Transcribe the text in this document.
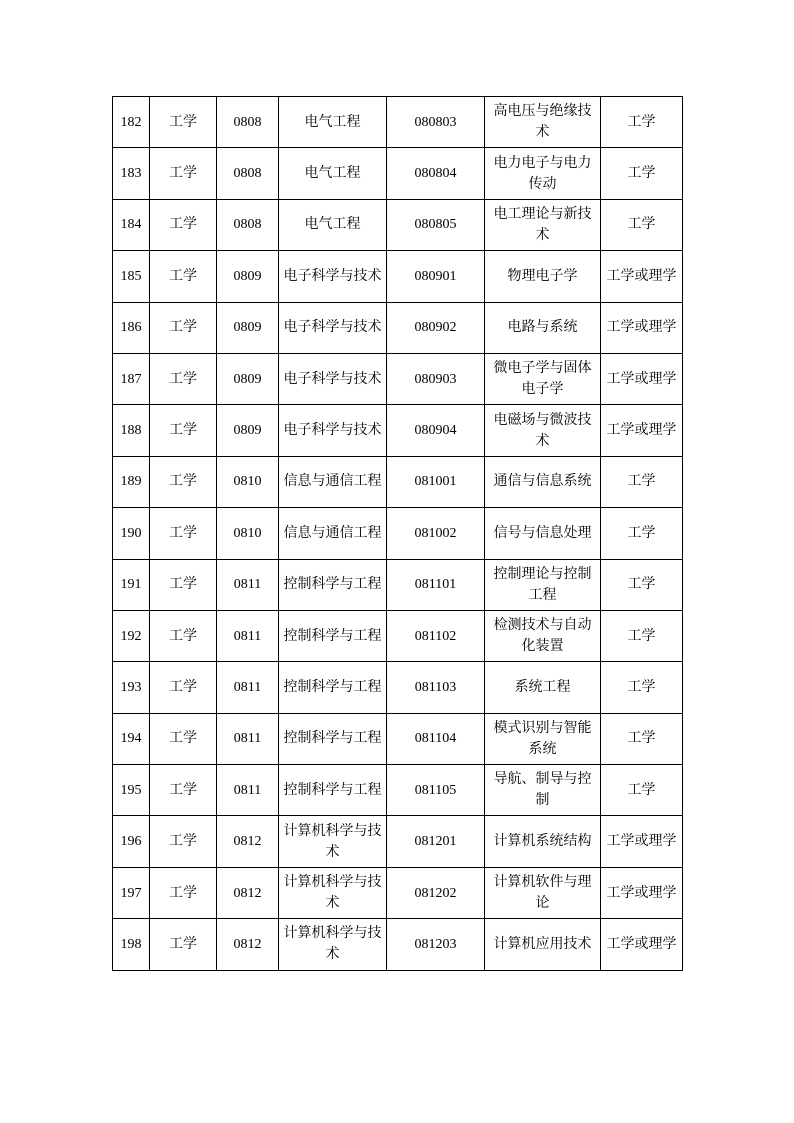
182	工学	0808	电气工程	080803	高电压与绝缘技术	工学
183	工学	0808	电气工程	080804	电力电子与电力传动	工学
184	工学	0808	电气工程	080805	电工理论与新技术	工学
185	工学	0809	电子科学与技术	080901	物理电子学	工学或理学
186	工学	0809	电子科学与技术	080902	电路与系统	工学或理学
187	工学	0809	电子科学与技术	080903	微电子学与固体电子学	工学或理学
188	工学	0809	电子科学与技术	080904	电磁场与微波技术	工学或理学
189	工学	0810	信息与通信工程	081001	通信与信息系统	工学
190	工学	0810	信息与通信工程	081002	信号与信息处理	工学
191	工学	0811	控制科学与工程	081101	控制理论与控制工程	工学
192	工学	0811	控制科学与工程	081102	检测技术与自动化装置	工学
193	工学	0811	控制科学与工程	081103	系统工程	工学
194	工学	0811	控制科学与工程	081104	模式识别与智能系统	工学
195	工学	0811	控制科学与工程	081105	导航、制导与控制	工学
196	工学	0812	计算机科学与技术	081201	计算机系统结构	工学或理学
197	工学	0812	计算机科学与技术	081202	计算机软件与理论	工学或理学
198	工学	0812	计算机科学与技术	081203	计算机应用技术	工学或理学
